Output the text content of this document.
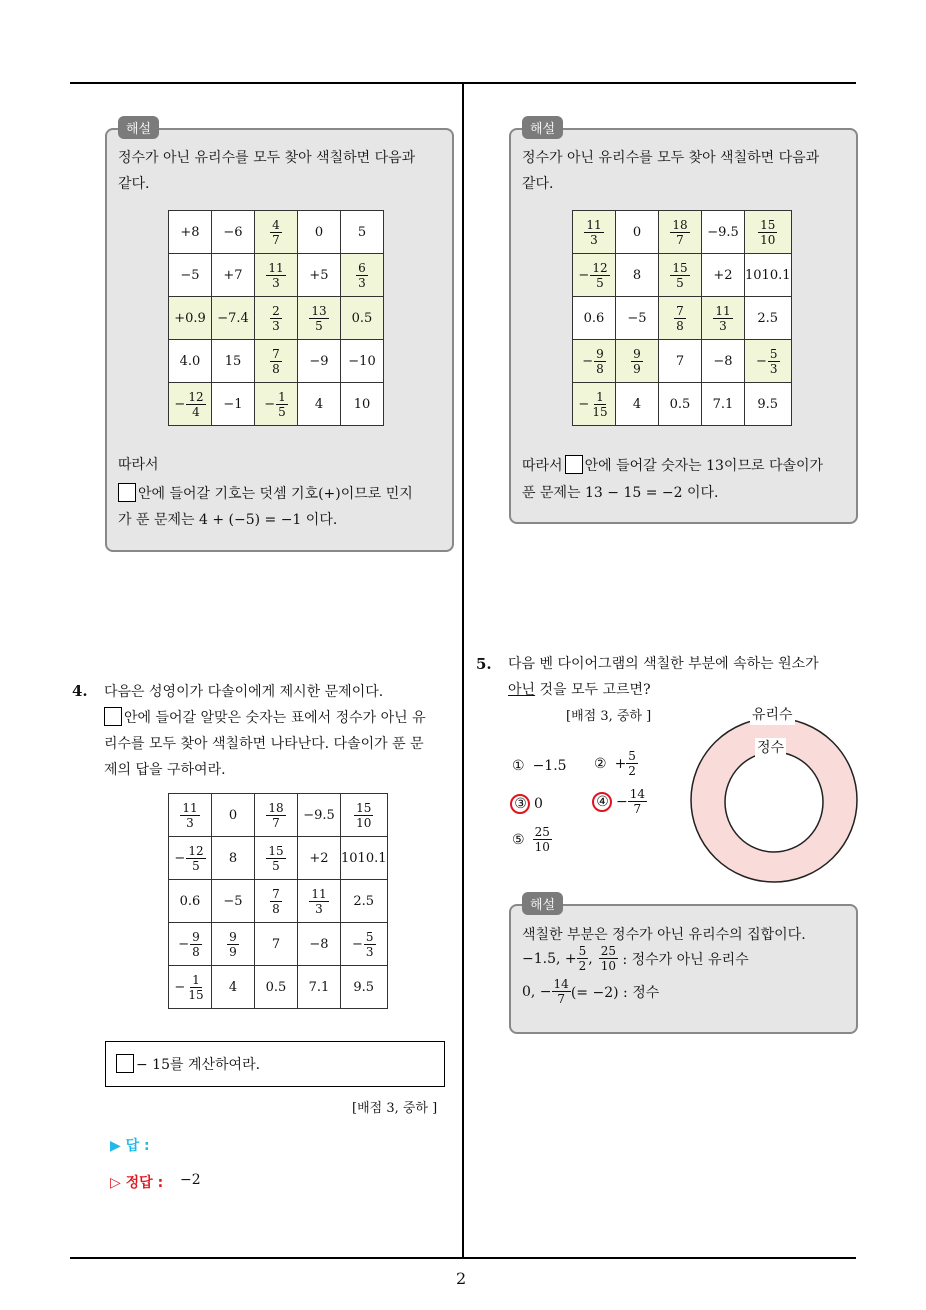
해설
정수가 아닌 유리수를 모두 찾아 색칠하면 다음과
같다.
+8	−6	$\frac{4}{7}$	0	5
−5	+7	$\frac{11}{3}$	+5	$\frac{6}{3}$

+0.9	−7.4	$\frac{2}{3}$	$\frac{13}{5}$	0.5
4.0	15	$\frac{7}{8}$	−9	−10
− $\frac{12}{4}$	−1	− $\frac{1}{5}$	4	10
따라서
안에 들어갈 기호는 덧셈 기호(+)이므로 민지
가 푼 문제는 4 + (−5) = −1 이다.
해설
정수가 아닌 유리수를 모두 찾아 색칠하면 다음과
같다.
$\frac{11}{3}$	0	$\frac{18}{7}$	−9.5	$\frac{15}{10}$

− $\frac{12}{5}$	8	$\frac{15}{5}$	+2	1010.1
0.6	−5	$\frac{7}{8}$	$\frac{11}{3}$	2.5
− $\frac{9}{8}$	$\frac{9}{9}$	7	−8	− $\frac{5}{3}$

− $\frac{1}{15}$	4	0.5	7.1	9.5
따라서 안에 들어갈 숫자는 13이므로 다솔이가
푼 문제는 13 − 15 = −2 이다.
4. 다음은 성영이가 다솔이에게 제시한 문제이다.
안에 들어갈 알맞은 숫자는 표에서 정수가 아닌 유
리수를 모두 찾아 색칠하면 나타난다. 다솔이가 푼 문
제의 답을 구하여라.
$\frac{11}{3}$	0	$\frac{18}{7}$	−9.5	$\frac{15}{10}$

− $\frac{12}{5}$	8	$\frac{15}{5}$	+2	1010.1
0.6	−5	$\frac{7}{8}$	$\frac{11}{3}$	2.5
− $\frac{9}{8}$	$\frac{9}{9}$	7	−8	− $\frac{5}{3}$

− $\frac{1}{15}$	4	0.5	7.1	9.5
− 15를 계산하여라.
[배점 3, 중하 ]
▶ 답 :
▷ 정답 : −2
5. 다음 벤 다이어그램의 색칠한 부분에 속하는 원소가
아닌 것을 모두 고르면?
[배점 3, 중하 ]	유리수
정수
① −1.5 ② + $\frac{5}{2}$
③ 0	④ − $\frac{14}{7}$
⑤ $\frac{25}{10}$
해설
색칠한 부분은 정수가 아닌 유리수의 집합이다.
−1.5, + $\frac{5}{2}$ , $\frac{25}{10}$ : 정수가 아닌 유리수
0, − $\frac{14}{7}$ (= −2) : 정수
2
